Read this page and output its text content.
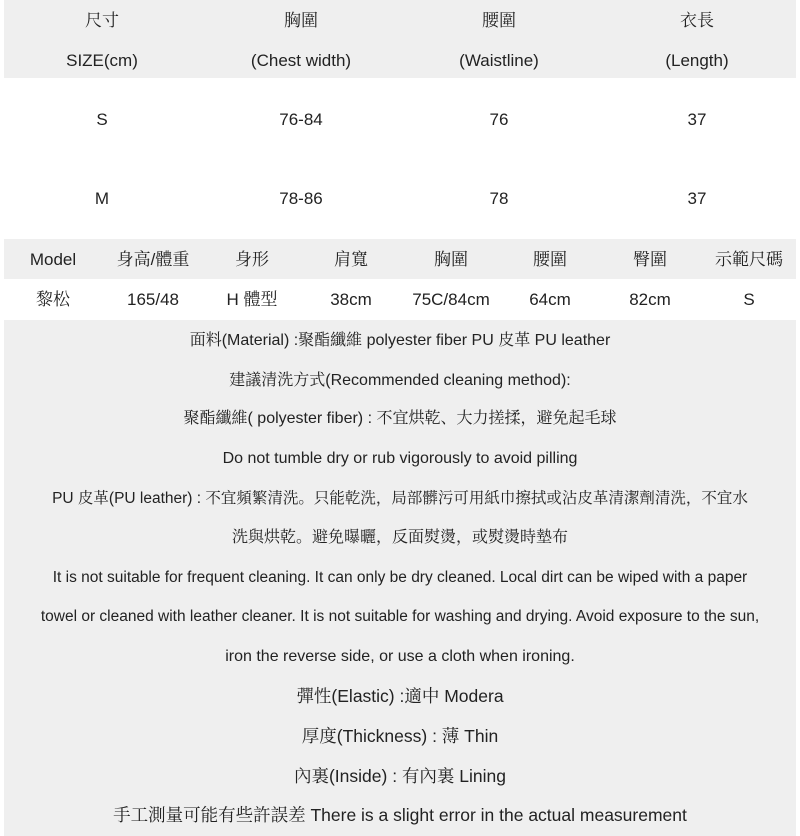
尺寸	胸圍	腰圍	衣長
SIZE(cm)	(Chest width)	(Waistline)	(Length)
S	76-84	76	37
M	78-86	78	37
Model	身高/體重	身形	肩寬	胸圍	腰圍	臀圍	示範尺碼
黎松	165/48	H 體型	38cm	75C/84cm	64cm	82cm	S
面料(Material) :聚酯纖維 polyester fiber PU 皮革 PU leather
建議清洗方式(Recommended cleaning method):
聚酯纖維( polyester fiber) : 不宜烘乾、大力搓揉，避免起毛球
Do not tumble dry or rub vigorously to avoid pilling
PU 皮革(PU leather) : 不宜頻繁清洗。只能乾洗，局部髒污可用紙巾擦拭或沾皮革清潔劑清洗，不宜水
洗與烘乾。避免曝曬，反面熨燙，或熨燙時墊布
It is not suitable for frequent cleaning. It can only be dry cleaned. Local dirt can be wiped with a paper
towel or cleaned with leather cleaner. It is not suitable for washing and drying. Avoid exposure to the sun,
iron the reverse side, or use a cloth when ironing.
彈性(Elastic) :適中 Modera
厚度(Thickness) : 薄 Thin
內裏(Inside) : 有內裏 Lining
手工測量可能有些許誤差 There is a slight error in the actual measurement
